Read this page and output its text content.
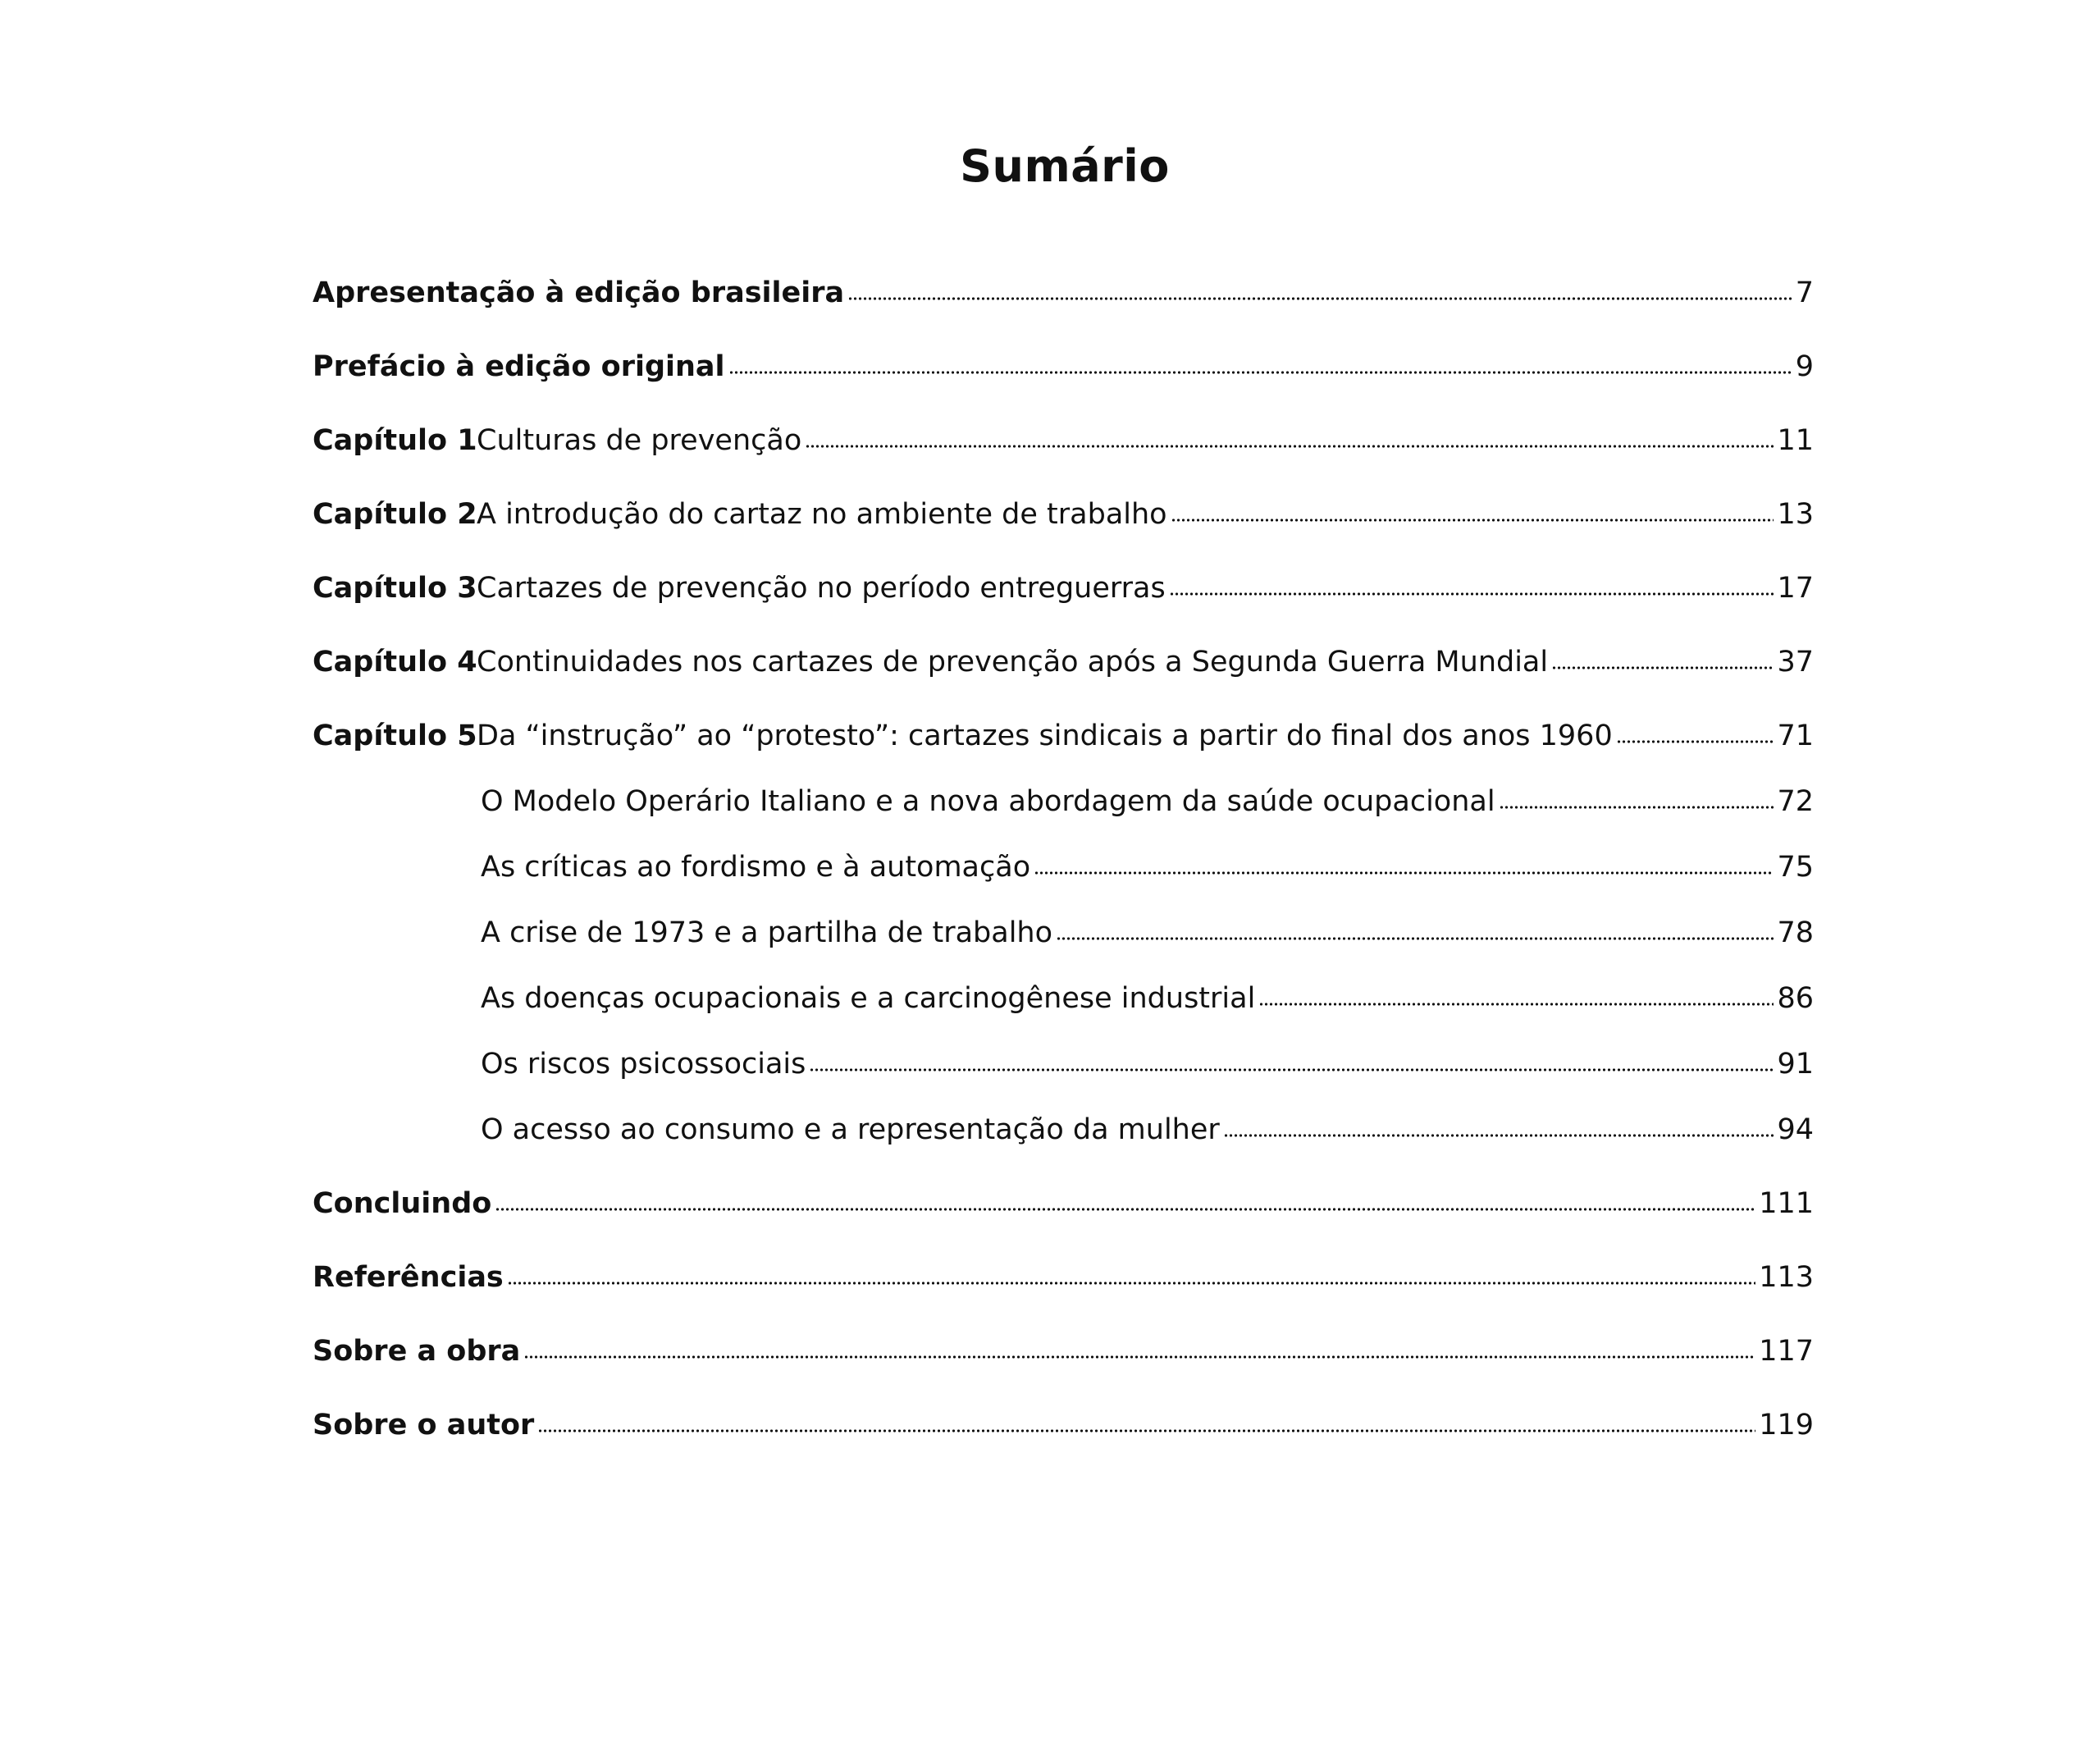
Sumário
Apresentação à edição brasileira	7
Prefácio à edição original	9
Capítulo 1 Culturas de prevenção	11
Capítulo 2 A introdução do cartaz no ambiente de trabalho	13
Capítulo 3 Cartazes de prevenção no período entreguerras	17
Capítulo 4 Continuidades nos cartazes de prevenção após a Segunda Guerra Mundial	37
Capítulo 5 Da “instrução” ao “protesto”: cartazes sindicais a partir do final dos anos 1960	71
O Modelo Operário Italiano e a nova abordagem da saúde ocupacional	72
As críticas ao fordismo e à automação	75
A crise de 1973 e a partilha de trabalho	78
As doenças ocupacionais e a carcinogênese industrial	86
Os riscos psicossociais	91
O acesso ao consumo e a representação da mulher	94
Concluindo	111
Referências	113
Sobre a obra	117
Sobre o autor	119
